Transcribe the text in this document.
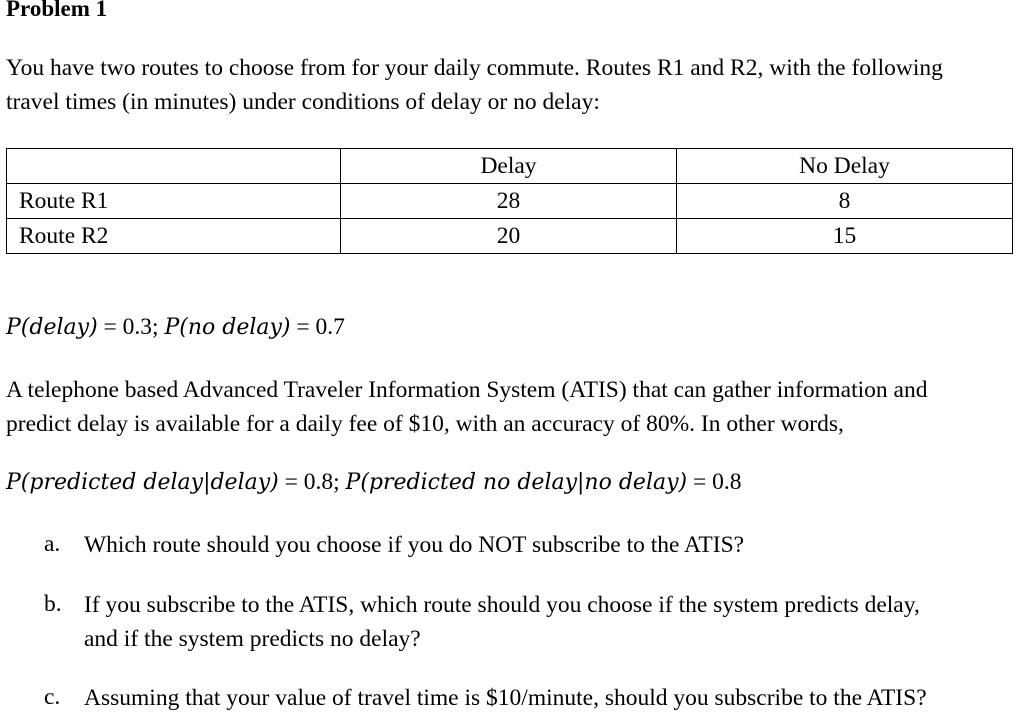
Problem 1
You have two routes to choose from for your daily commute. Routes R1 and R2, with the following
travel times (in minutes) under conditions of delay or no delay:
	Delay	No Delay
Route R1	28	8
Route R2	20	15
P(delay) = 0.3; P(no delay) = 0.7
A telephone based Advanced Traveler Information System (ATIS) that can gather information and
predict delay is available for a daily fee of $10, with an accuracy of 80%. In other words,
P(predicted delay|delay) = 0.8; P(predicted no delay|no delay) = 0.8
a. Which route should you choose if you do NOT subscribe to the ATIS?
b. If you subscribe to the ATIS, which route should you choose if the system predicts delay,
and if the system predicts no delay?
c. Assuming that your value of travel time is $10/minute, should you subscribe to the ATIS?
